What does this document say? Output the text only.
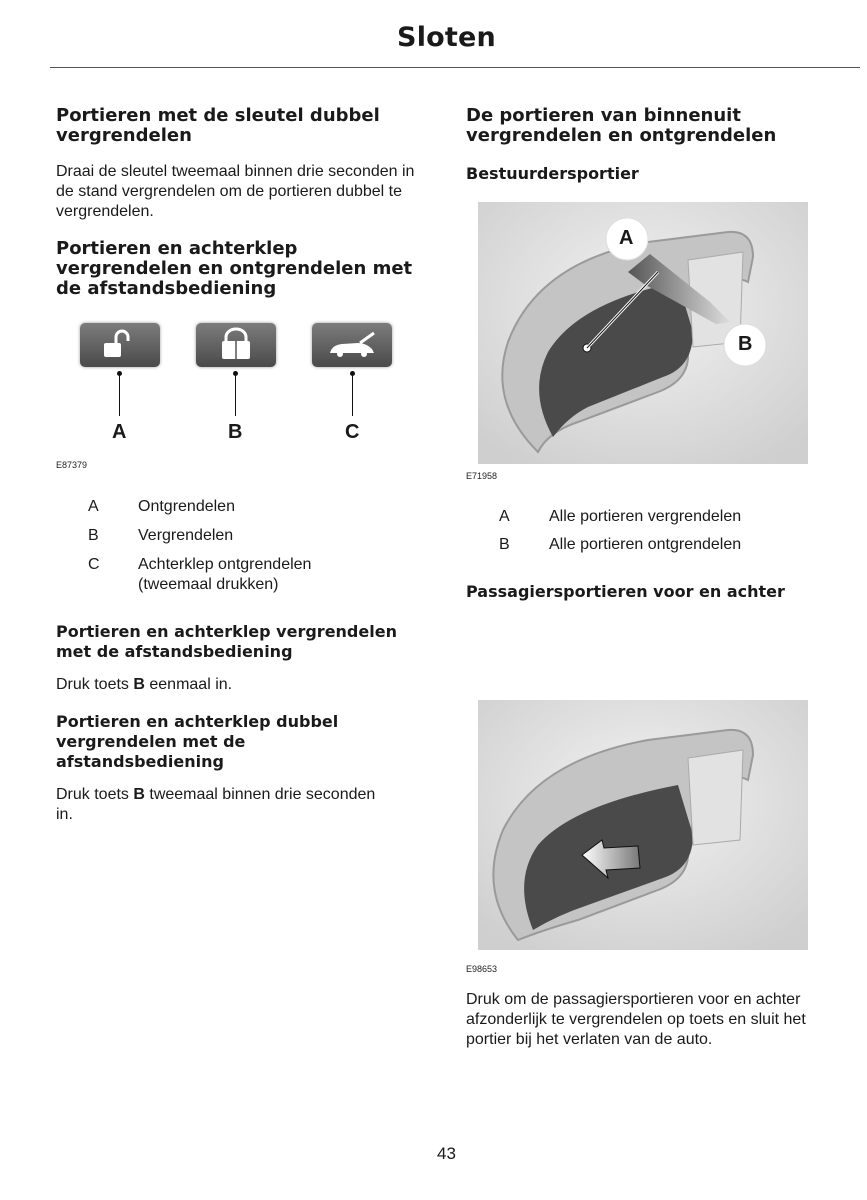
Sloten
Portieren met de sleutel dubbel vergrendelen

Draai de sleutel tweemaal binnen drie seconden in de stand vergrendelen om de portieren dubbel te vergrendelen.

Portieren en achterklep vergrendelen en ontgrendelen met de afstandsbediening
A	B	C
E87379
A	Ontgrendelen
B	Vergrendelen
C	Achterklep ontgrendelen (tweemaal drukken)
Portieren en achterklep vergrendelen met de afstandsbediening

Druk toets B eenmaal in.

Portieren en achterklep dubbel vergrendelen met de afstandsbediening

Druk toets B tweemaal binnen drie seconden in.

De portieren van binnenuit vergrendelen en ontgrendelen
Bestuurdersportier
A
B
E71958
A	Alle portieren vergrendelen
B	Alle portieren ontgrendelen
Passagiersportieren voor en achter
E98653

Druk om de passagiersportieren voor en achter afzonderlijk te vergrendelen op toets en sluit het portier bij het verlaten van de auto.

43
